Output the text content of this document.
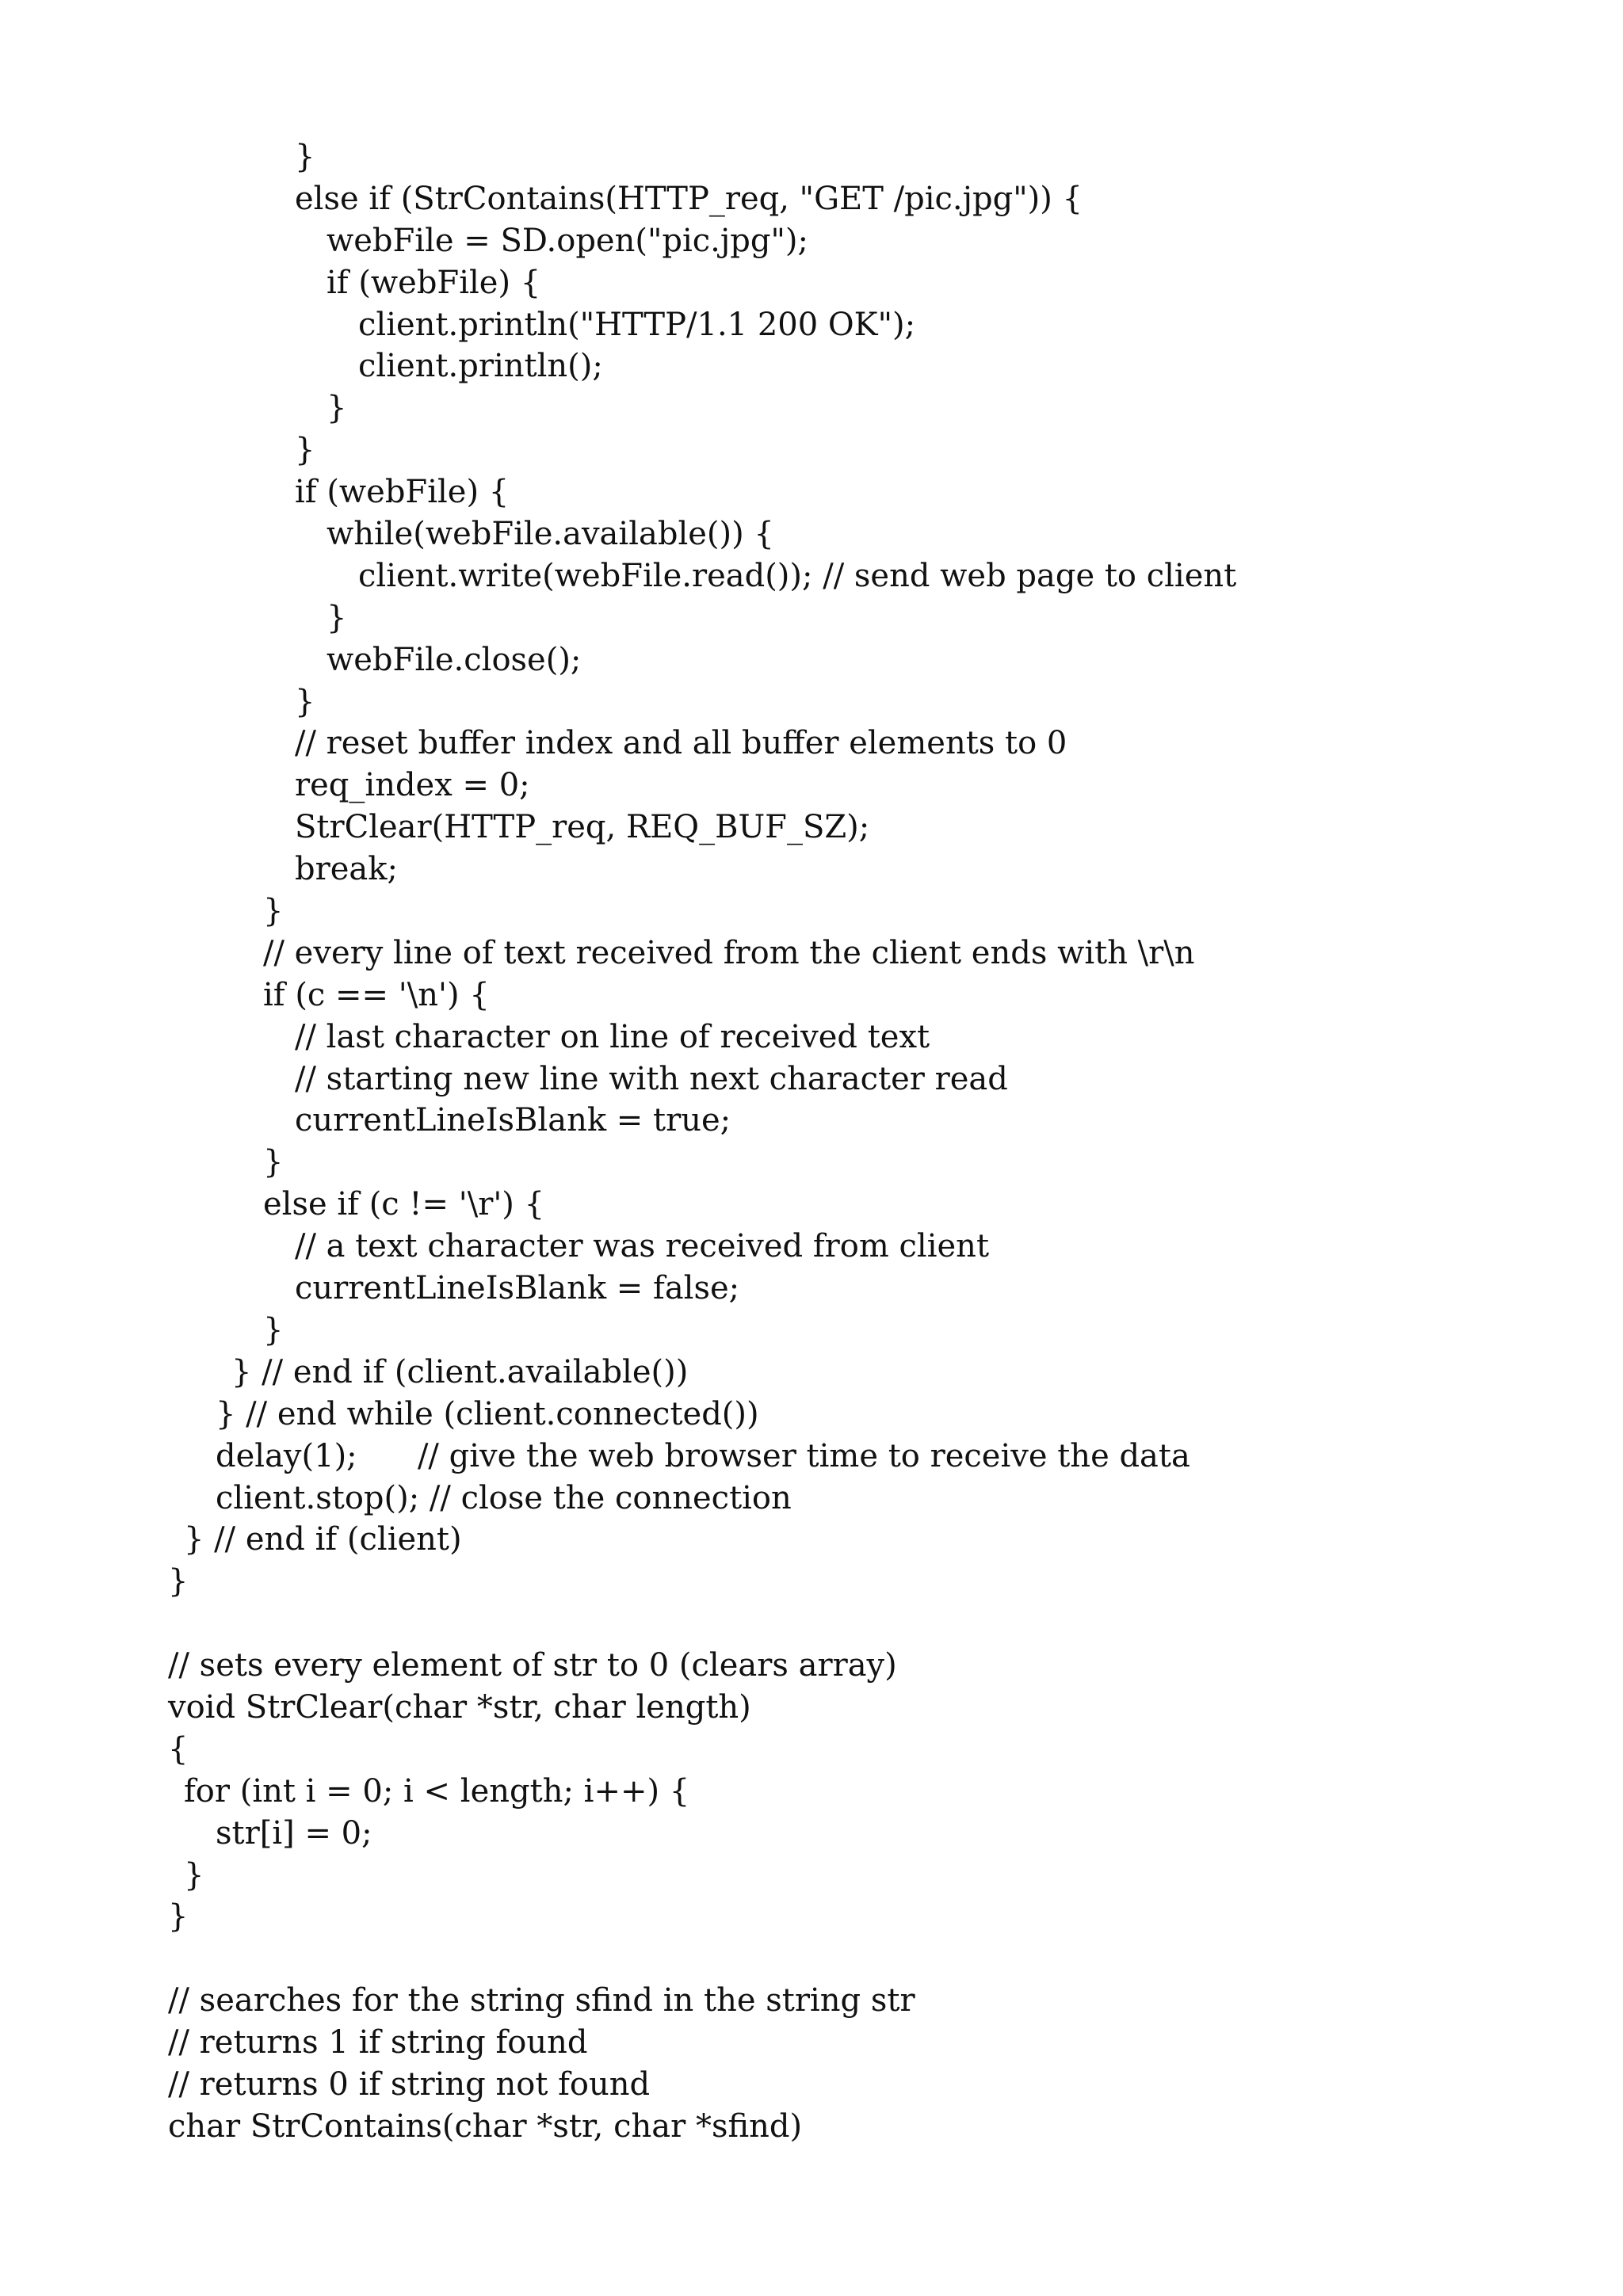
}
else if (StrContains(HTTP_req, "GET /pic.jpg")) {
webFile = SD.open("pic.jpg");
if (webFile) {
client.println("HTTP/1.1 200 OK");
client.println();
}
}
if (webFile) {
while(webFile.available()) {
client.write(webFile.read()); // send web page to client
}
webFile.close();
}
// reset buffer index and all buffer elements to 0
req_index = 0;
StrClear(HTTP_req, REQ_BUF_SZ);
break;
}
// every line of text received from the client ends with \r\n
if (c == '\n') {
// last character on line of received text
// starting new line with next character read
currentLineIsBlank = true;
}
else if (c != '\r') {
// a text character was received from client
currentLineIsBlank = false;
}
} // end if (client.available())
} // end while (client.connected())
delay(1);      // give the web browser time to receive the data
client.stop(); // close the connection
} // end if (client)
}
// sets every element of str to 0 (clears array)
void StrClear(char *str, char length)
{
for (int i = 0; i < length; i++) {
str[i] = 0;
}
}
// searches for the string sfind in the string str
// returns 1 if string found
// returns 0 if string not found
char StrContains(char *str, char *sfind)
